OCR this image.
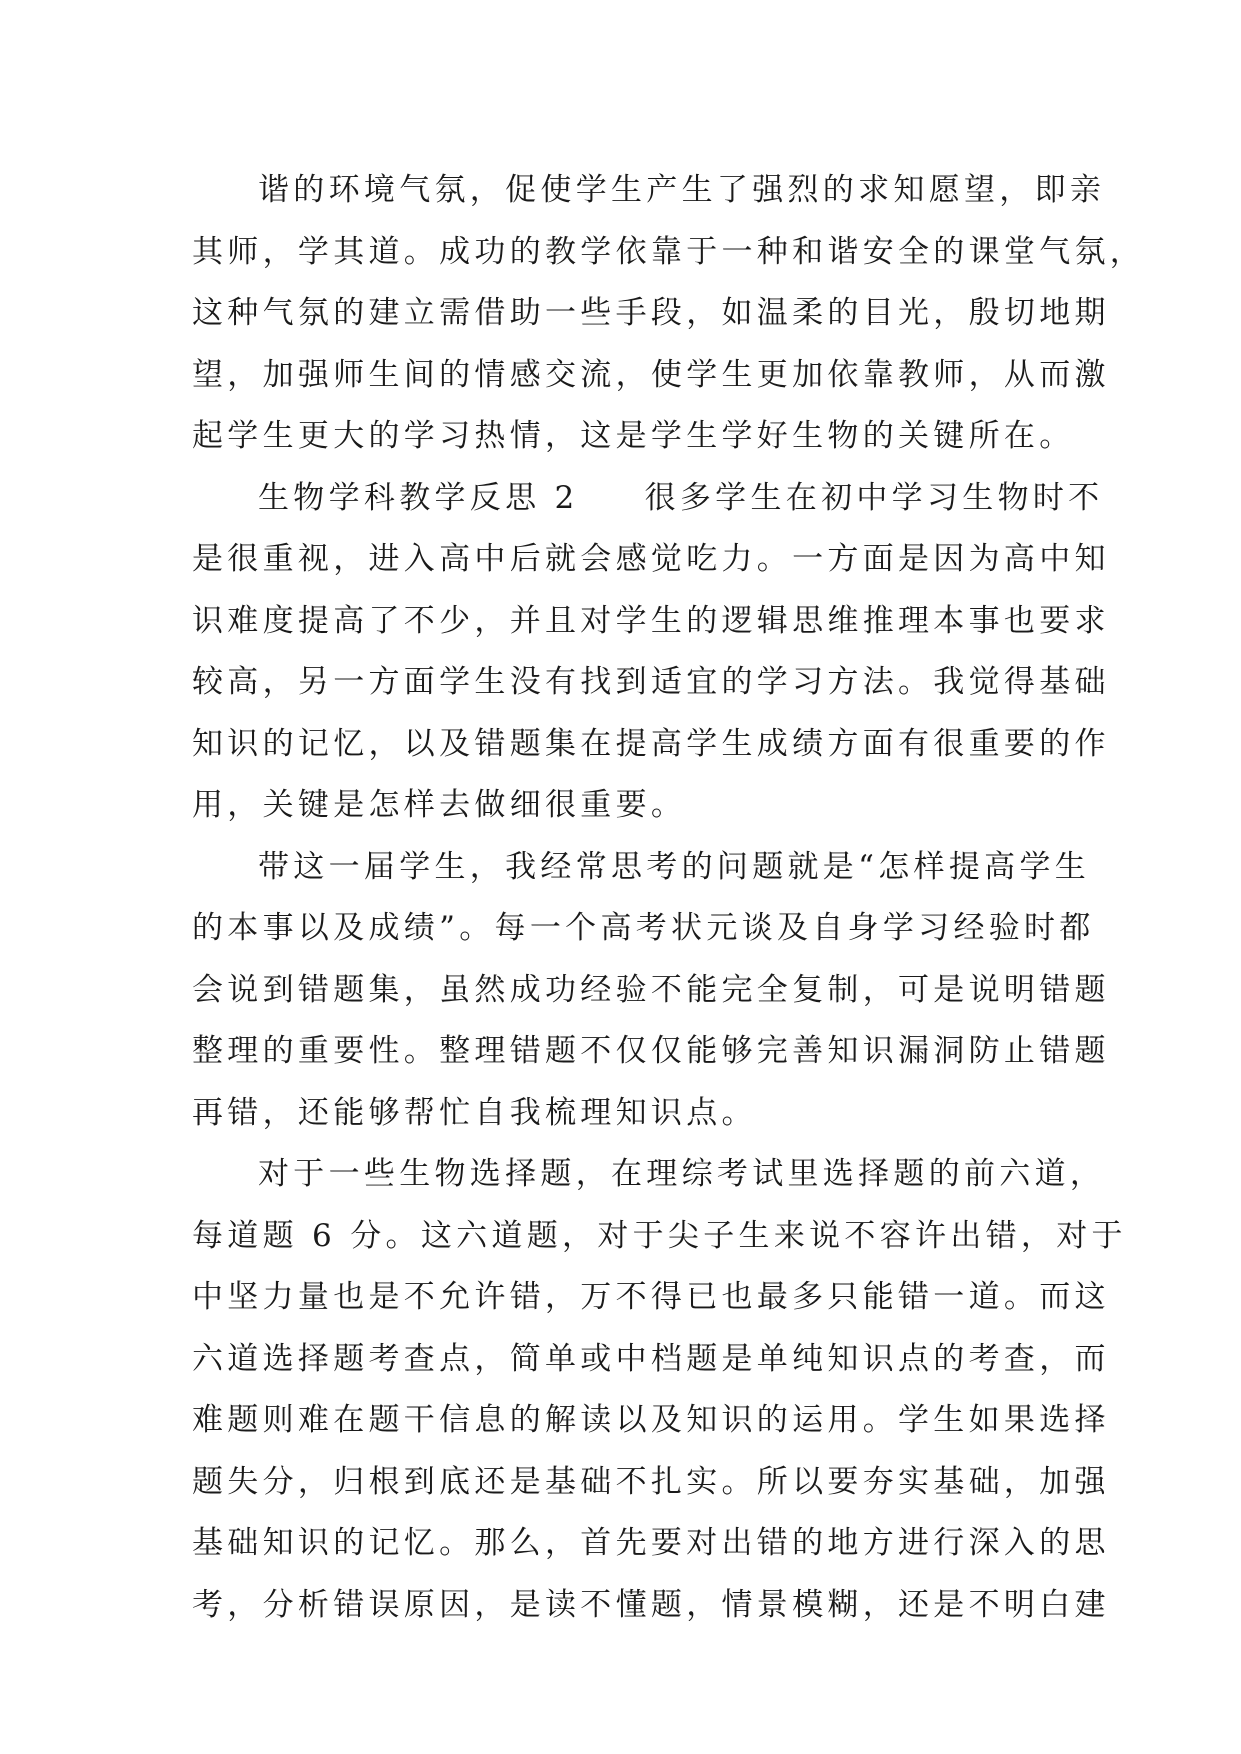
谐的环境气氛，促使学生产生了强烈的求知愿望，即亲
其师，学其道。成功的教学依靠于一种和谐安全的课堂气氛，
这种气氛的建立需借助一些手段，如温柔的目光，殷切地期
望，加强师生间的情感交流，使学生更加依靠教师，从而激
起学生更大的学习热情，这是学生学好生物的关键所在。
生物学科教学反思 2 很多学生在初中学习生物时不
是很重视，进入高中后就会感觉吃力。一方面是因为高中知
识难度提高了不少，并且对学生的逻辑思维推理本事也要求
较高，另一方面学生没有找到适宜的学习方法。我觉得基础
知识的记忆，以及错题集在提高学生成绩方面有很重要的作
用，关键是怎样去做细很重要。
带这一届学生，我经常思考的问题就是“怎样提高学生
的本事以及成绩”。每一个高考状元谈及自身学习经验时都
会说到错题集，虽然成功经验不能完全复制，可是说明错题
整理的重要性。整理错题不仅仅能够完善知识漏洞防止错题
再错，还能够帮忙自我梳理知识点。
对于一些生物选择题，在理综考试里选择题的前六道，
每道题 6 分。这六道题，对于尖子生来说不容许出错，对于
中坚力量也是不允许错，万不得已也最多只能错一道。而这
六道选择题考查点，简单或中档题是单纯知识点的考查，而
难题则难在题干信息的解读以及知识的运用。学生如果选择
题失分，归根到底还是基础不扎实。所以要夯实基础，加强
基础知识的记忆。那么，首先要对出错的地方进行深入的思
考，分析错误原因，是读不懂题，情景模糊，还是不明白建
